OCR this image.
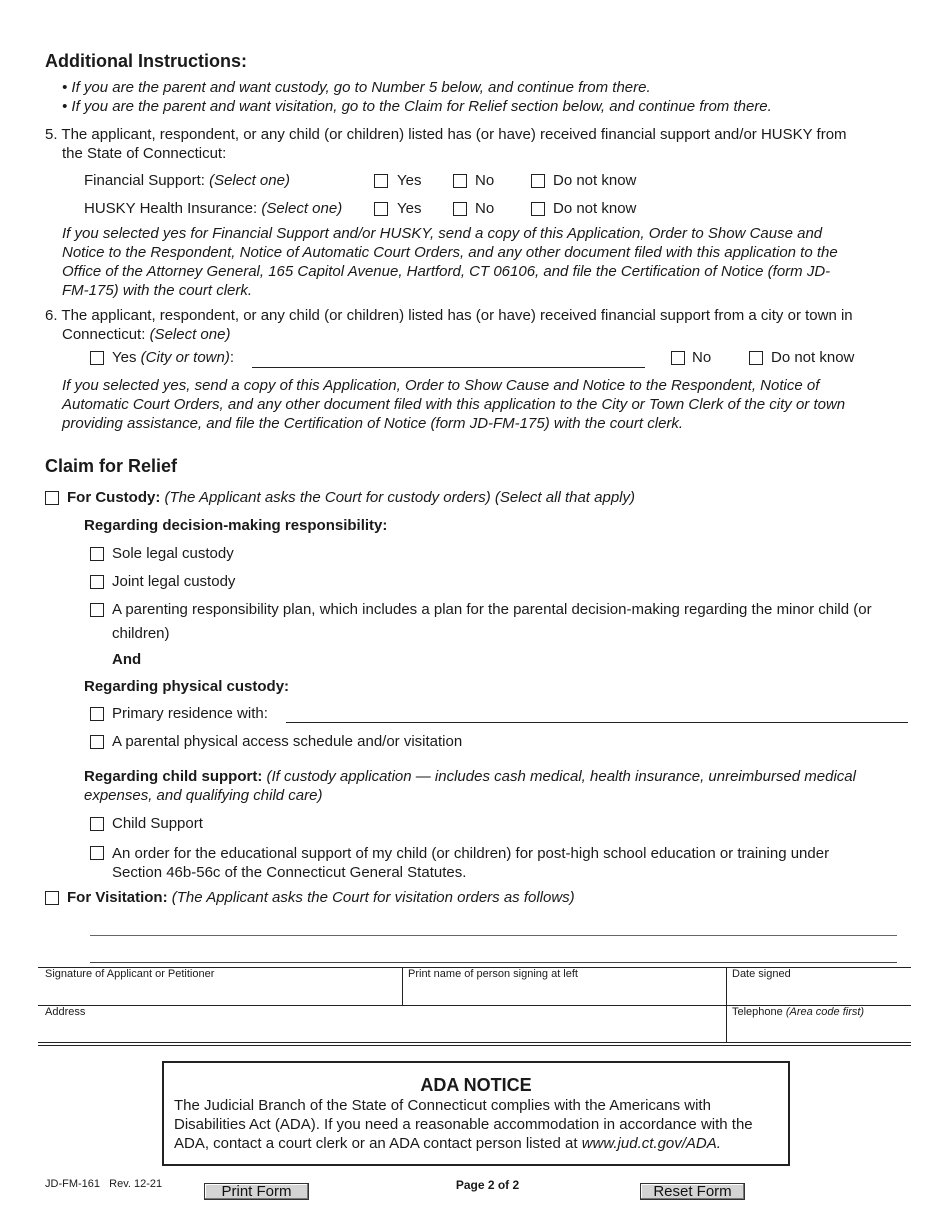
Additional Instructions:
• If you are the parent and want custody, go to Number 5 below, and continue from there.
• If you are the parent and want visitation, go to the Claim for Relief section below, and continue from there.
5. The applicant, respondent, or any child (or children) listed has (or have) received financial support and/or HUSKY from
the State of Connecticut:
Financial Support: (Select one)	Yes	No	Do not know
HUSKY Health Insurance: (Select one)	Yes	No	Do not know
If you selected yes for Financial Support and/or HUSKY, send a copy of this Application, Order to Show Cause and
Notice to the Respondent, Notice of Automatic Court Orders, and any other document filed with this application to the
Office of the Attorney General, 165 Capitol Avenue, Hartford, CT 06106, and file the Certification of Notice (form JD-
FM-175) with the court clerk.
6. The applicant, respondent, or any child (or children) listed has (or have) received financial support from a city or town in
Connecticut: (Select one)
Yes (City or town):	No	Do not know
If you selected yes, send a copy of this Application, Order to Show Cause and Notice to the Respondent, Notice of
Automatic Court Orders, and any other document filed with this application to the City or Town Clerk of the city or town
providing assistance, and file the Certification of Notice (form JD-FM-175) with the court clerk.
Claim for Relief
For Custody: (The Applicant asks the Court for custody orders) (Select all that apply)
Regarding decision-making responsibility:
Sole legal custody
Joint legal custody
A parenting responsibility plan, which includes a plan for the parental decision-making regarding the minor child (or
children)
And
Regarding physical custody:
Primary residence with:
A parental physical access schedule and/or visitation
Regarding child support: (If custody application — includes cash medical, health insurance, unreimbursed medical
expenses, and qualifying child care)
Child Support
An order for the educational support of my child (or children) for post-high school education or training under
Section 46b-56c of the Connecticut General Statutes.
For Visitation: (The Applicant asks the Court for visitation orders as follows)
Signature of Applicant or Petitioner	Print name of person signing at left	Date signed
Address	Telephone (Area code first)
ADA NOTICE
The Judicial Branch of the State of Connecticut complies with the Americans with
Disabilities Act (ADA). If you need a reasonable accommodation in accordance with the
ADA, contact a court clerk or an ADA contact person listed at www.jud.ct.gov/ADA.
JD-FM-161   Rev. 12-21	Print Form	Page 2 of 2	Reset Form
